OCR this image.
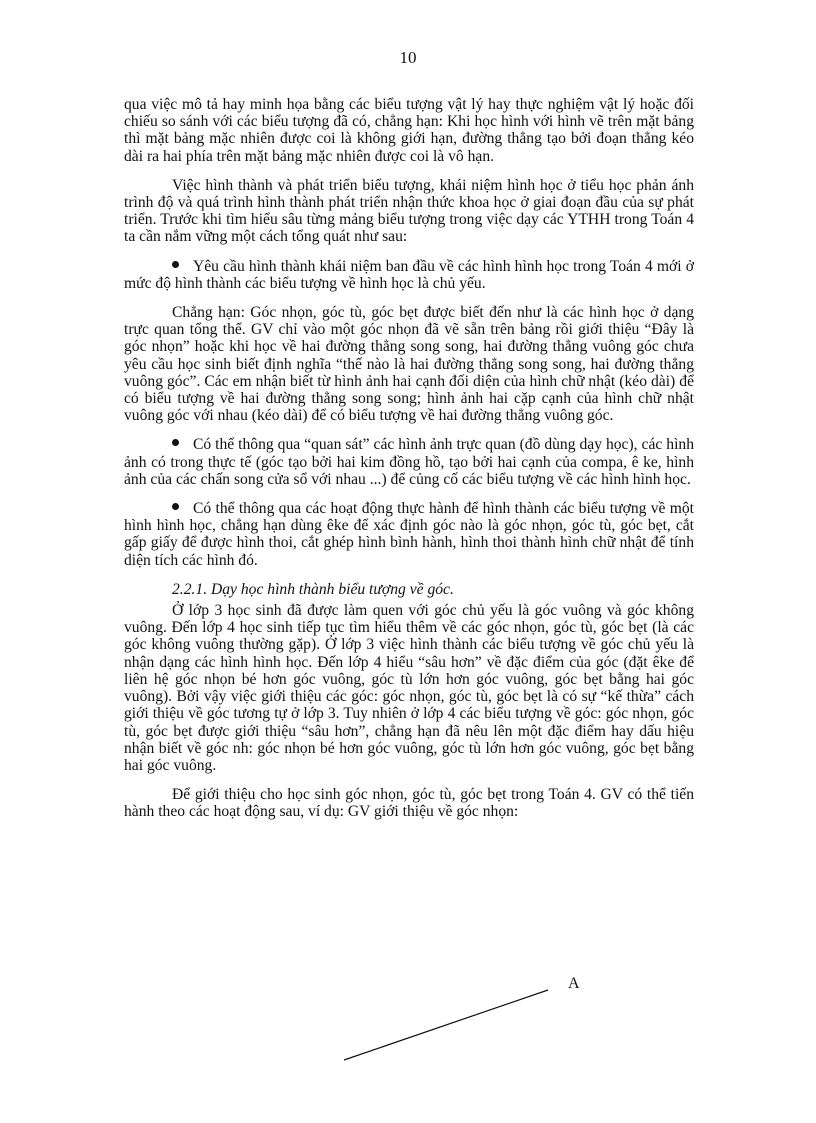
10

qua việc mô tả hay minh họa bằng các biểu tượng vật lý hay thực nghiệm vật lý hoặc đối chiếu so sánh với các biểu tượng đã có, chẳng hạn: Khi học hình với hình vẽ trên mặt bảng thì mặt bảng mặc nhiên được coi là không giới hạn, đường thẳng tạo bởi đoạn thẳng kéo dài ra hai phía trên mặt bảng mặc nhiên được coi là vô hạn.

Việc hình thành và phát triển biểu tượng, khái niệm hình học ở tiểu học phản ánh trình độ và quá trình hình thành phát triển nhận thức khoa học ở giai đoạn đầu của sự phát triển. Trước khi tìm hiểu sâu từng mảng biểu tượng trong việc dạy các YTHH trong Toán 4 ta cần nắm vững một cách tổng quát như sau:

Yêu cầu hình thành khái niệm ban đầu về các hình hình học trong Toán 4 mới ở mức độ hình thành các biểu tượng về hình học là chủ yếu.

Chẳng hạn: Góc nhọn, góc tù, góc bẹt được biết đến như là các hình học ở dạng trực quan tổng thể. GV chỉ vào một góc nhọn đã vẽ sẵn trên bảng rồi giới thiệu “Đây là góc nhọn” hoặc khi học về hai đường thẳng song song, hai đường thẳng vuông góc chưa yêu cầu học sinh biết định nghĩa “thế nào là hai đường thẳng song song, hai đường thẳng vuông góc”. Các em nhận biết từ hình ảnh hai cạnh đối diện của hình chữ nhật (kéo dài) để có biểu tượng về hai đường thẳng song song; hình ảnh hai cặp cạnh của hình chữ nhật vuông góc với nhau (kéo dài) để có biểu tượng về hai đường thẳng vuông góc.

Có thể thông qua “quan sát” các hình ảnh trực quan (đồ dùng dạy học), các hình ảnh có trong thực tế (góc tạo bởi hai kim đồng hồ, tạo bởi hai cạnh của compa, ê ke, hình ảnh của các chấn song cửa sổ với nhau ...) để củng cố các biểu tượng về các hình hình học.

Có thể thông qua các hoạt động thực hành để hình thành các biểu tượng về một hình hình học, chẳng hạn dùng êke để xác định góc nào là góc nhọn, góc tù, góc bẹt, cắt gấp giấy để được hình thoi, cắt ghép hình bình hành, hình thoi thành hình chữ nhật để tính diện tích các hình đó.

2.2.1. Dạy học hình thành biểu tượng về góc.

Ở lớp 3 học sinh đã được làm quen với góc chủ yếu là góc vuông và góc không vuông. Đến lớp 4 học sinh tiếp tục tìm hiểu thêm về các góc nhọn, góc tù, góc bẹt (là các góc không vuông thường gặp). Ở lớp 3 việc hình thành các biểu tượng về góc chủ yếu là nhận dạng các hình hình học. Đến lớp 4 hiểu “sâu hơn” về đặc điểm của góc (đặt êke để liên hệ góc nhọn bé hơn góc vuông, góc tù lớn hơn góc vuông, góc bẹt bằng hai góc vuông). Bởi vậy việc giới thiệu các góc: góc nhọn, góc tù, góc bẹt là có sự “kế thừa” cách giới thiệu về góc tương tự ở lớp 3. Tuy nhiên ở lớp 4 các biểu tượng về góc: góc nhọn, góc tù, góc bẹt được giới thiệu “sâu hơn”, chẳng hạn đã nêu lên một đặc điểm hay dấu hiệu nhận biết về góc nh: góc nhọn bé hơn góc vuông, góc tù lớn hơn góc vuông, góc bẹt bằng hai góc vuông.

Để giới thiệu cho học sinh góc nhọn, góc tù, góc bẹt trong Toán 4. GV có thể tiến hành theo các hoạt động sau, ví dụ: GV giới thiệu về góc nhọn:

A
